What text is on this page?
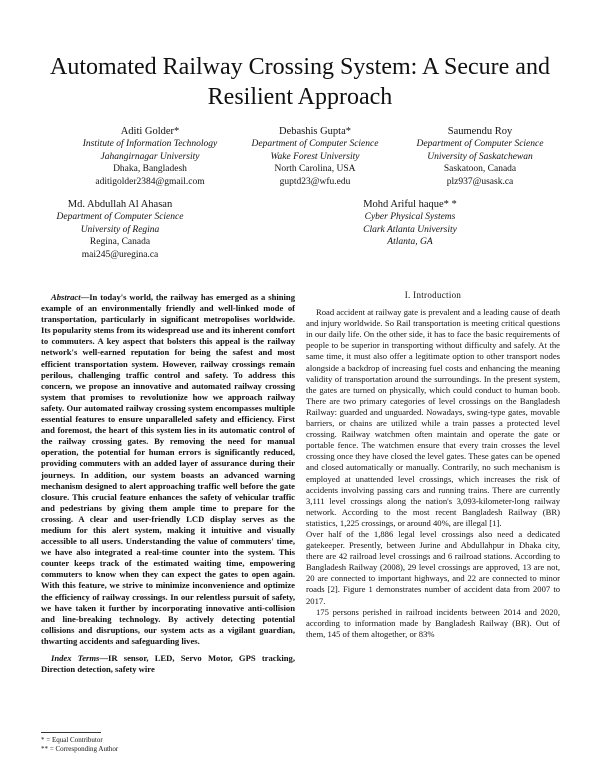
Automated Railway Crossing System: A Secure and Resilient Approach
Aditi Golder*
Institute of Information Technology
Jahangirnagar University
Dhaka, Bangladesh
aditigolder2384@gmail.com
Debashis Gupta*
Department of Computer Science
Wake Forest University
North Carolina, USA
guptd23@wfu.edu
Saumendu Roy
Department of Computer Science
University of Saskatchewan
Saskatoon, Canada
plz937@usask.ca
Md. Abdullah Al Ahasan
Department of Computer Science
University of Regina
Regina, Canada
mai245@uregina.ca
Mohd Ariful haque* *
Cyber Physical Systems
Clark Atlanta University
Atlanta, GA

Abstract—In today's world, the railway has emerged as a shining example of an environmentally friendly and well-linked mode of transportation, particularly in significant metropolises worldwide. Its popularity stems from its widespread use and its inherent comfort to commuters. A key aspect that bolsters this appeal is the railway network's well-earned reputation for being the safest and most efficient transportation system. However, railway crossings remain perilous, challenging traffic control and safety. To address this concern, we propose an innovative and automated railway crossing system that promises to revolutionize how we approach railway safety. Our automated railway crossing system encompasses multiple essential features to ensure unparalleled safety and efficiency. First and foremost, the heart of this system lies in its automatic control of the railway crossing gates. By removing the need for manual operation, the potential for human errors is significantly reduced, providing commuters with an added layer of assurance during their journeys. In addition, our system boasts an advanced warning mechanism designed to alert approaching traffic well before the gate closure. This crucial feature enhances the safety of vehicular traffic and pedestrians by giving them ample time to prepare for the crossing. A clear and user-friendly LCD display serves as the medium for this alert system, making it intuitive and visually accessible to all users. Understanding the value of commuters' time, we have also integrated a real-time counter into the system. This counter keeps track of the estimated waiting time, empowering commuters to know when they can expect the gates to open again. With this feature, we strive to minimize inconvenience and optimize the efficiency of railway crossings. In our relentless pursuit of safety, we have taken it further by incorporating innovative anti-collision and line-breaking technology. By actively detecting potential collisions and disruptions, our system acts as a vigilant guardian, thwarting accidents and safeguarding lives.

Index Terms—IR sensor, LED, Servo Motor, GPS tracking, Direction detection, safety wire

* = Equal Contributor
** = Corresponding Author
I. Introduction

Road accident at railway gate is prevalent and a leading cause of death and injury worldwide. So Rail transportation is meeting critical questions in our daily life. On the other side, it has to face the basic requirements of people to be superior in transporting without difficulty and safely. At the same time, it must also offer a legitimate option to other transport nodes alongside a backdrop of increasing fuel costs and enhancing the meaning validity of transportation around the surroundings. In the present system, the gates are turned on physically, which could conduct to human boob. There are two primary categories of level crossings on the Bangladesh Railway: guarded and unguarded. Nowadays, swing-type gates, movable barriers, or chains are utilized while a train passes a protected level crossing. Railway watchmen often maintain and operate the gate or portable fence. The watchmen ensure that every train crosses the level crossing once they have closed the level gates. These gates can be opened and closed automatically or manually. Contrarily, no such mechanism is employed at unattended level crossings, which increases the risk of accidents involving passing cars and running trains. There are currently 3,111 level crossings along the nation's 3,093-kilometer-long railway network. According to the most recent Bangladesh Railway (BR) statistics, 1,225 crossings, or around 40%, are illegal [1].

Over half of the 1,886 legal level crossings also need a dedicated gatekeeper. Presently, between Jurine and Abdullahpur in Dhaka city, there are 42 railroad level crossings and 6 railroad stations. According to Bangladesh Railway (2008), 29 level crossings are approved, 13 are not, 20 are connected to important highways, and 22 are connected to minor roads [2]. Figure 1 demonstrates number of accident data from 2007 to 2017.

175 persons perished in railroad incidents between 2014 and 2020, according to information made by Bangladesh Railway (BR). Out of them, 145 of them altogether, or 83%
